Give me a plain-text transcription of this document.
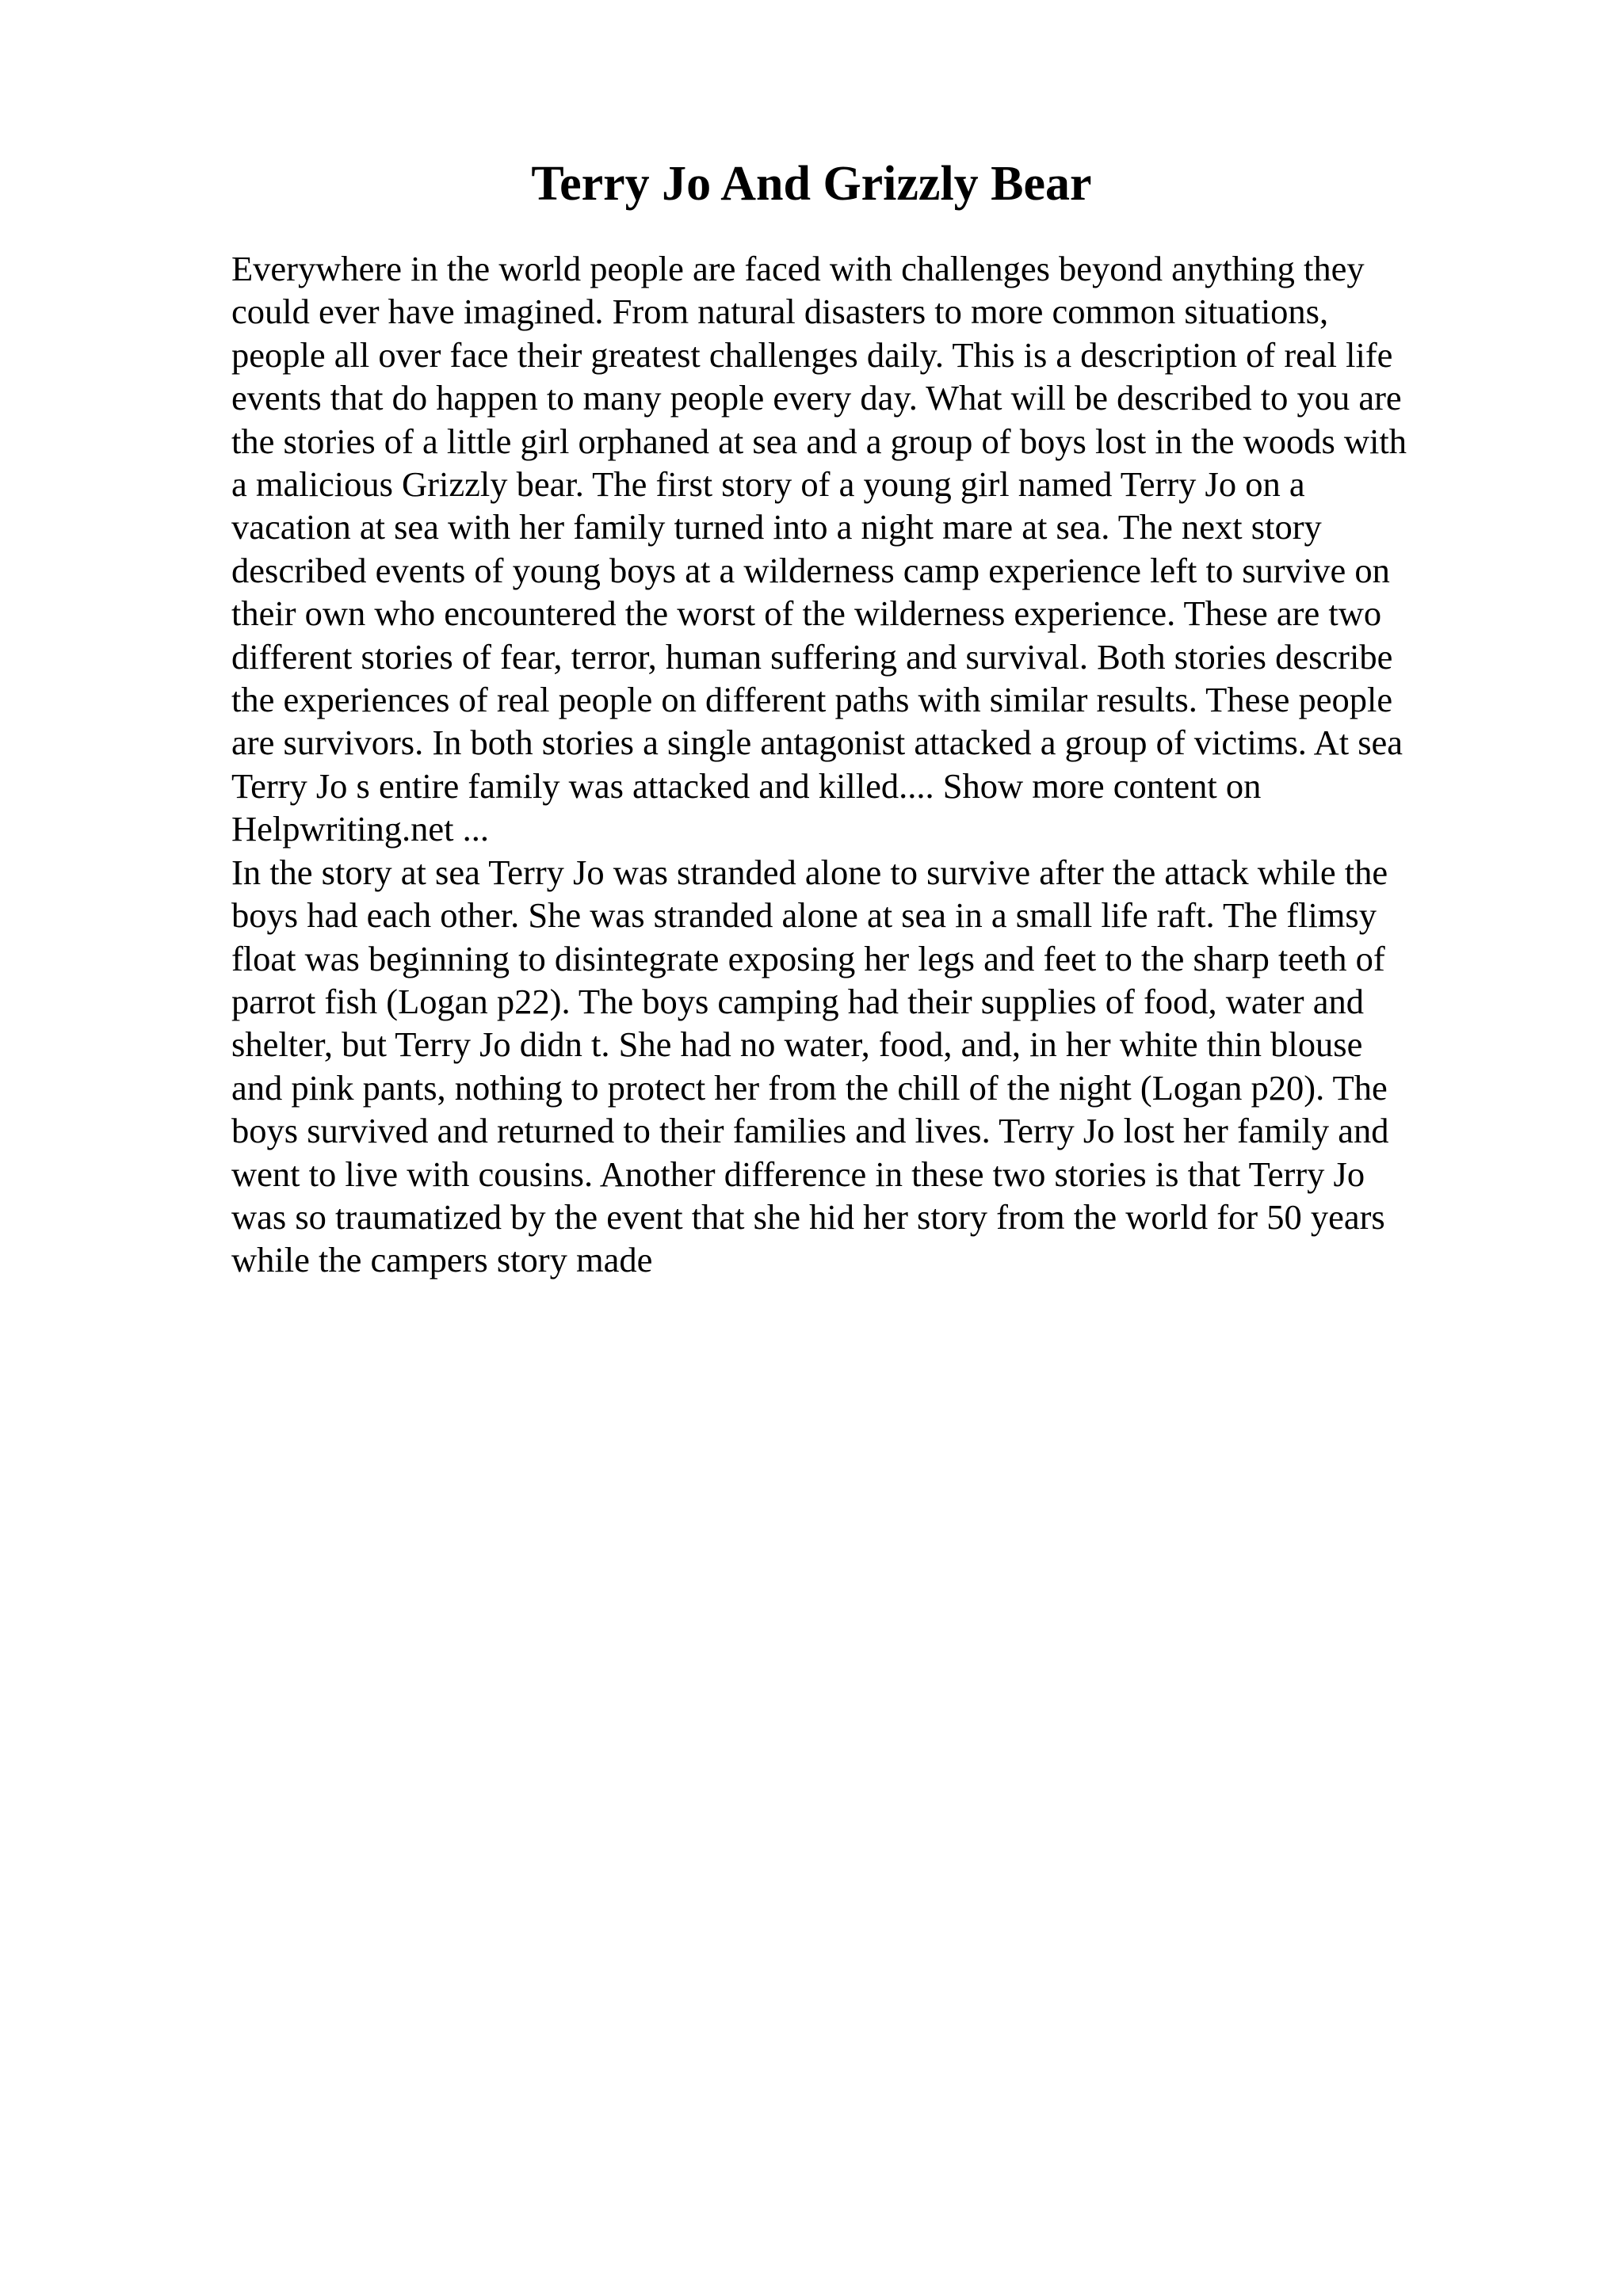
Terry Jo And Grizzly Bear
Everywhere in the world people are faced with challenges beyond anything they
could ever have imagined. From natural disasters to more common situations,
people all over face their greatest challenges daily. This is a description of real life
events that do happen to many people every day. What will be described to you are
the stories of a little girl orphaned at sea and a group of boys lost in the woods with
a malicious Grizzly bear. The first story of a young girl named Terry Jo on a
vacation at sea with her family turned into a night mare at sea. The next story
described events of young boys at a wilderness camp experience left to survive on
their own who encountered the worst of the wilderness experience. These are two
different stories of fear, terror, human suffering and survival. Both stories describe
the experiences of real people on different paths with similar results. These people
are survivors. In both stories a single antagonist attacked a group of victims. At sea
Terry Jo s entire family was attacked and killed.... Show more content on
Helpwriting.net ...
In the story at sea Terry Jo was stranded alone to survive after the attack while the
boys had each other. She was stranded alone at sea in a small life raft. The flimsy
float was beginning to disintegrate exposing her legs and feet to the sharp teeth of
parrot fish (Logan p22). The boys camping had their supplies of food, water and
shelter, but Terry Jo didn t. She had no water, food, and, in her white thin blouse
and pink pants, nothing to protect her from the chill of the night (Logan p20). The
boys survived and returned to their families and lives. Terry Jo lost her family and
went to live with cousins. Another difference in these two stories is that Terry Jo
was so traumatized by the event that she hid her story from the world for 50 years
while the campers story made
